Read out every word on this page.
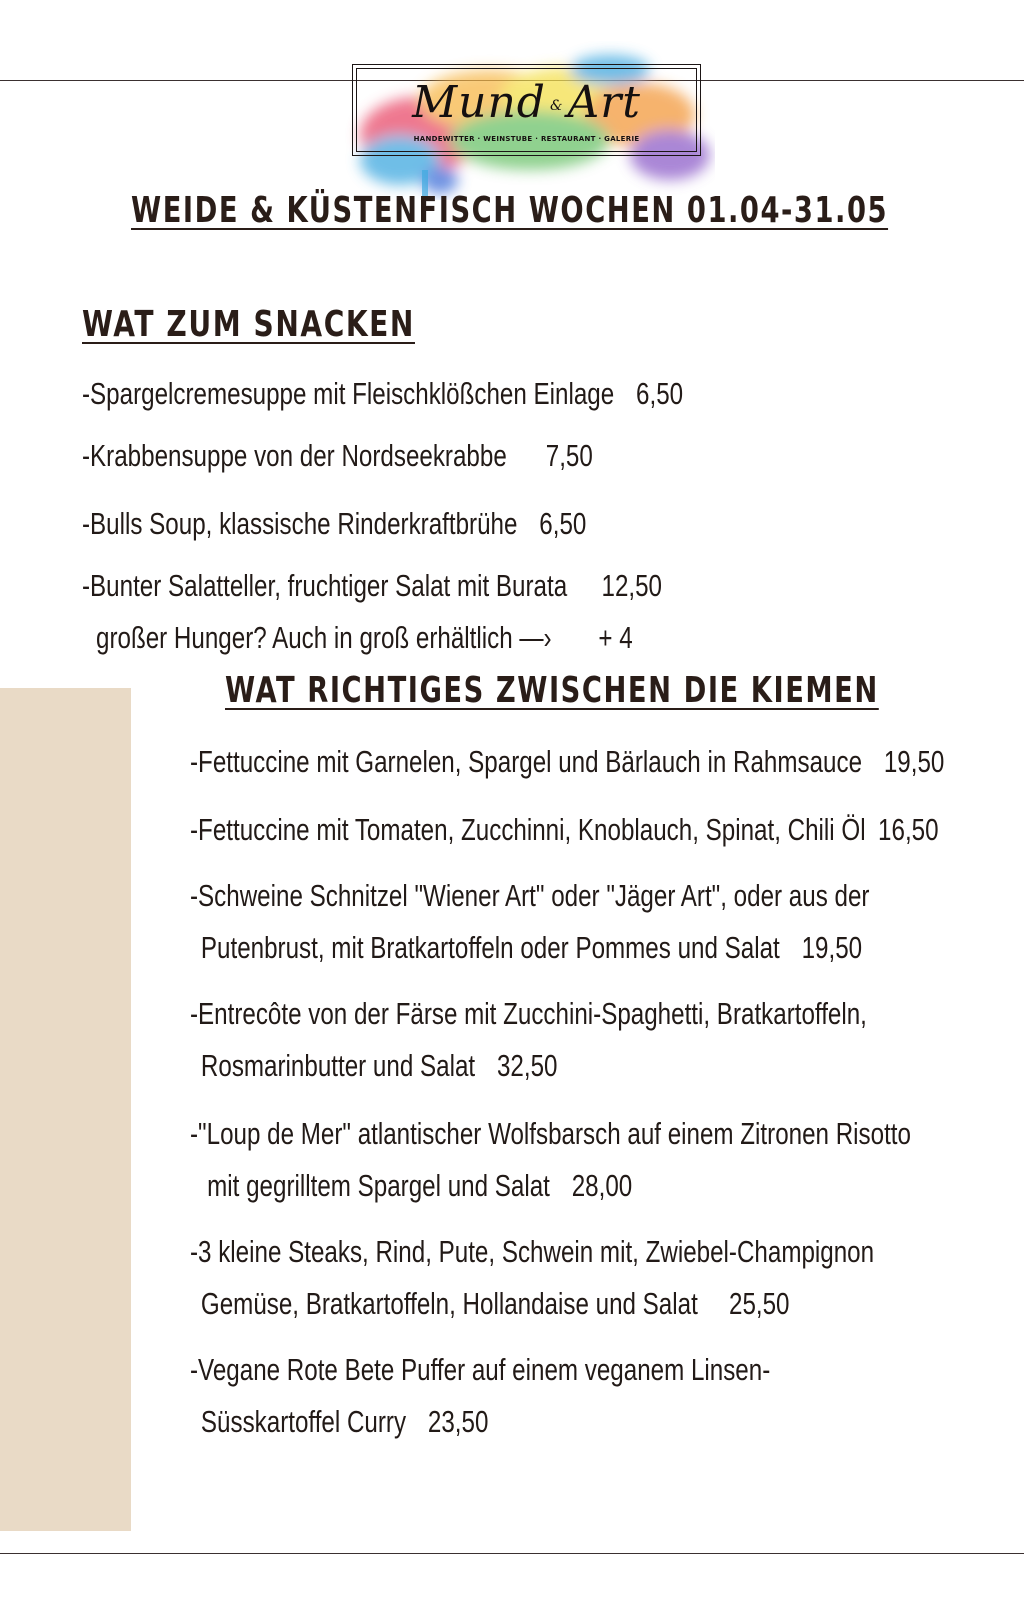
Mund &Art
HANDEWITTER · WEINSTUBE · RESTAURANT · GALERIE
WEIDE & KÜSTENFISCH WOCHEN 01.04-31.05
WAT ZUM SNACKEN
-Spargelcremesuppe mit Fleischklößchen Einlage 6,50
-Krabbensuppe von der Nordseekrabbe 7,50
-Bulls Soup, klassische Rinderkraftbrühe 6,50
-Bunter Salatteller, fruchtiger Salat mit Burata 12,50
großer Hunger? Auch in groß erhältlich —› + 4
WAT RICHTIGES ZWISCHEN DIE KIEMEN
-Fettuccine mit Garnelen, Spargel und Bärlauch in Rahmsauce 19,50
-Fettuccine mit Tomaten, Zucchinni, Knoblauch, Spinat, Chili Öl 16,50
-Schweine Schnitzel "Wiener Art" oder "Jäger Art", oder aus der
Putenbrust, mit Bratkartoffeln oder Pommes und Salat 19,50
-Entrecôte von der Färse mit Zucchini-Spaghetti, Bratkartoffeln,
Rosmarinbutter und Salat 32,50
-"Loup de Mer" atlantischer Wolfsbarsch auf einem Zitronen Risotto
mit gegrilltem Spargel und Salat 28,00
-3 kleine Steaks, Rind, Pute, Schwein mit, Zwiebel-Champignon
Gemüse, Bratkartoffeln, Hollandaise und Salat 25,50
-Vegane Rote Bete Puffer auf einem veganem Linsen-
Süsskartoffel Curry 23,50
